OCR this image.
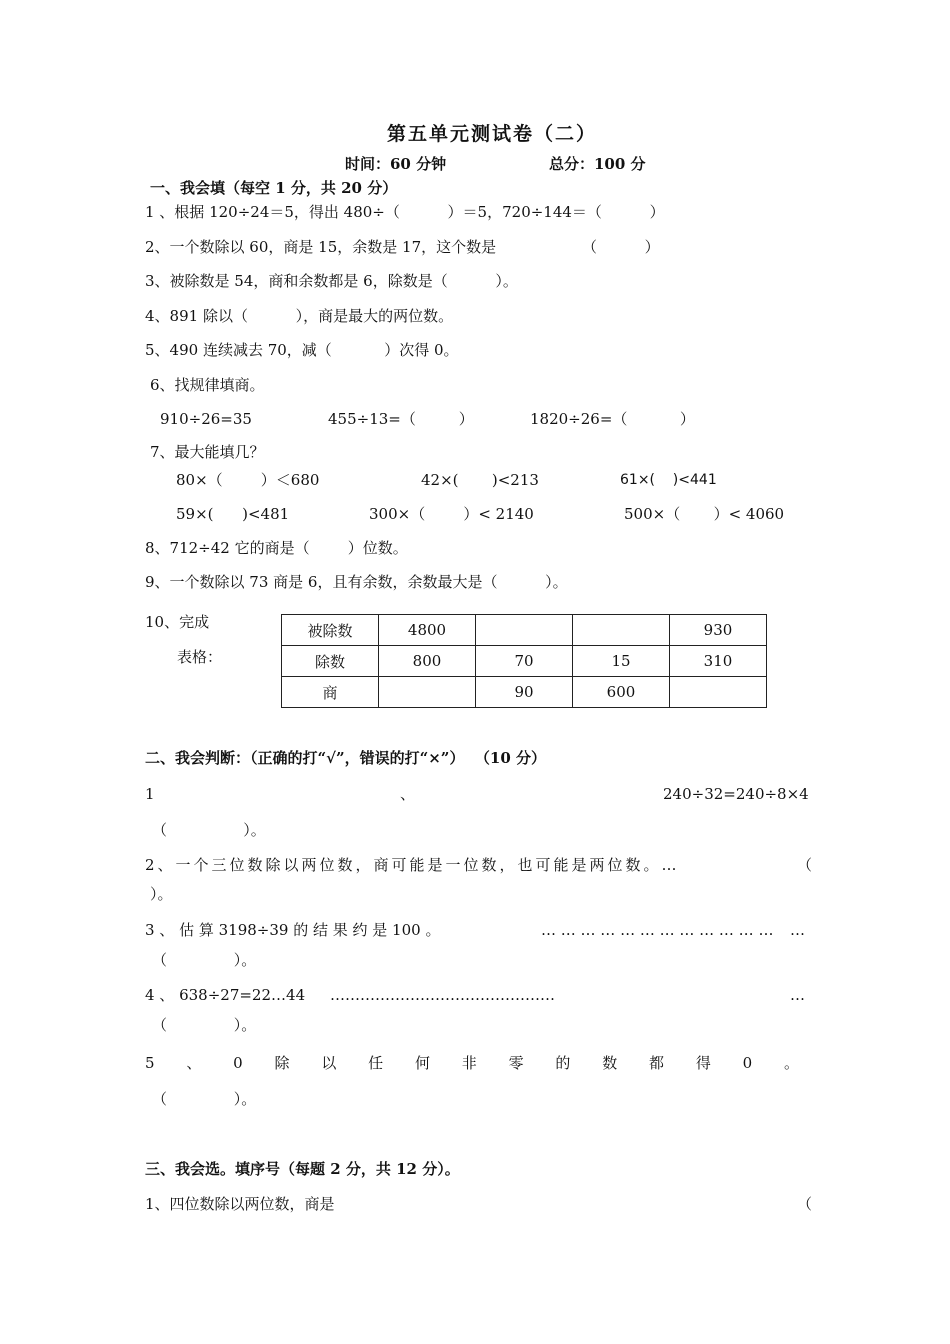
第五单元测试卷（二）
时间：60 分钟	总分：100 分
一、我会填（每空 1 分，共 20 分）
1 、根据 120÷24＝5，得出 480÷（          ）＝5，720÷144＝（          ）
2、一个数除以 60，商是 15，余数是 17，这个数是	（          ）
3、被除数是 54，商和余数都是 6，除数是（          ）。
4、891 除以（          ），商是最大的两位数。
5、490 连续减去 70，减（           ）次得 0。
6、找规律填商。
910÷26=35	455÷13=（         ）	1820÷26=（           ）
7、最大能填几？
80×（        ）＜680	42×(       )<213	61×(    )<441
59×(      )<481	300×（        ）< 2140	500×（       ）< 4060
8、712÷42 它的商是（        ）位数。
9、一个数除以 73 商是 6，且有余数，余数最大是（          ）。
10、完成
表格：
被除数	4800			930
除数	800	70	15	310
商		90	600	
二、我会判断：（正确的打“√”，错误的打“×”）  （10 分）
1	、	240÷32=240÷8×4
（                ）。
2、一个三位数除以两位数，商可能是一位数，也可能是两位数。…	（
）。
3 、 估 算 3198÷39 的 结 果 约 是 100 。	… … … … … … … … … … … … …
（              ）。
4 、 638÷27=22…44 ………………………………………	…
（              ）。
5 、 0 除 以 任 何 非 零 的 数 都 得 0 。
（              ）。
三、我会选。填序号（每题 2 分，共 12 分）。
1、四位数除以两位数，商是	（
